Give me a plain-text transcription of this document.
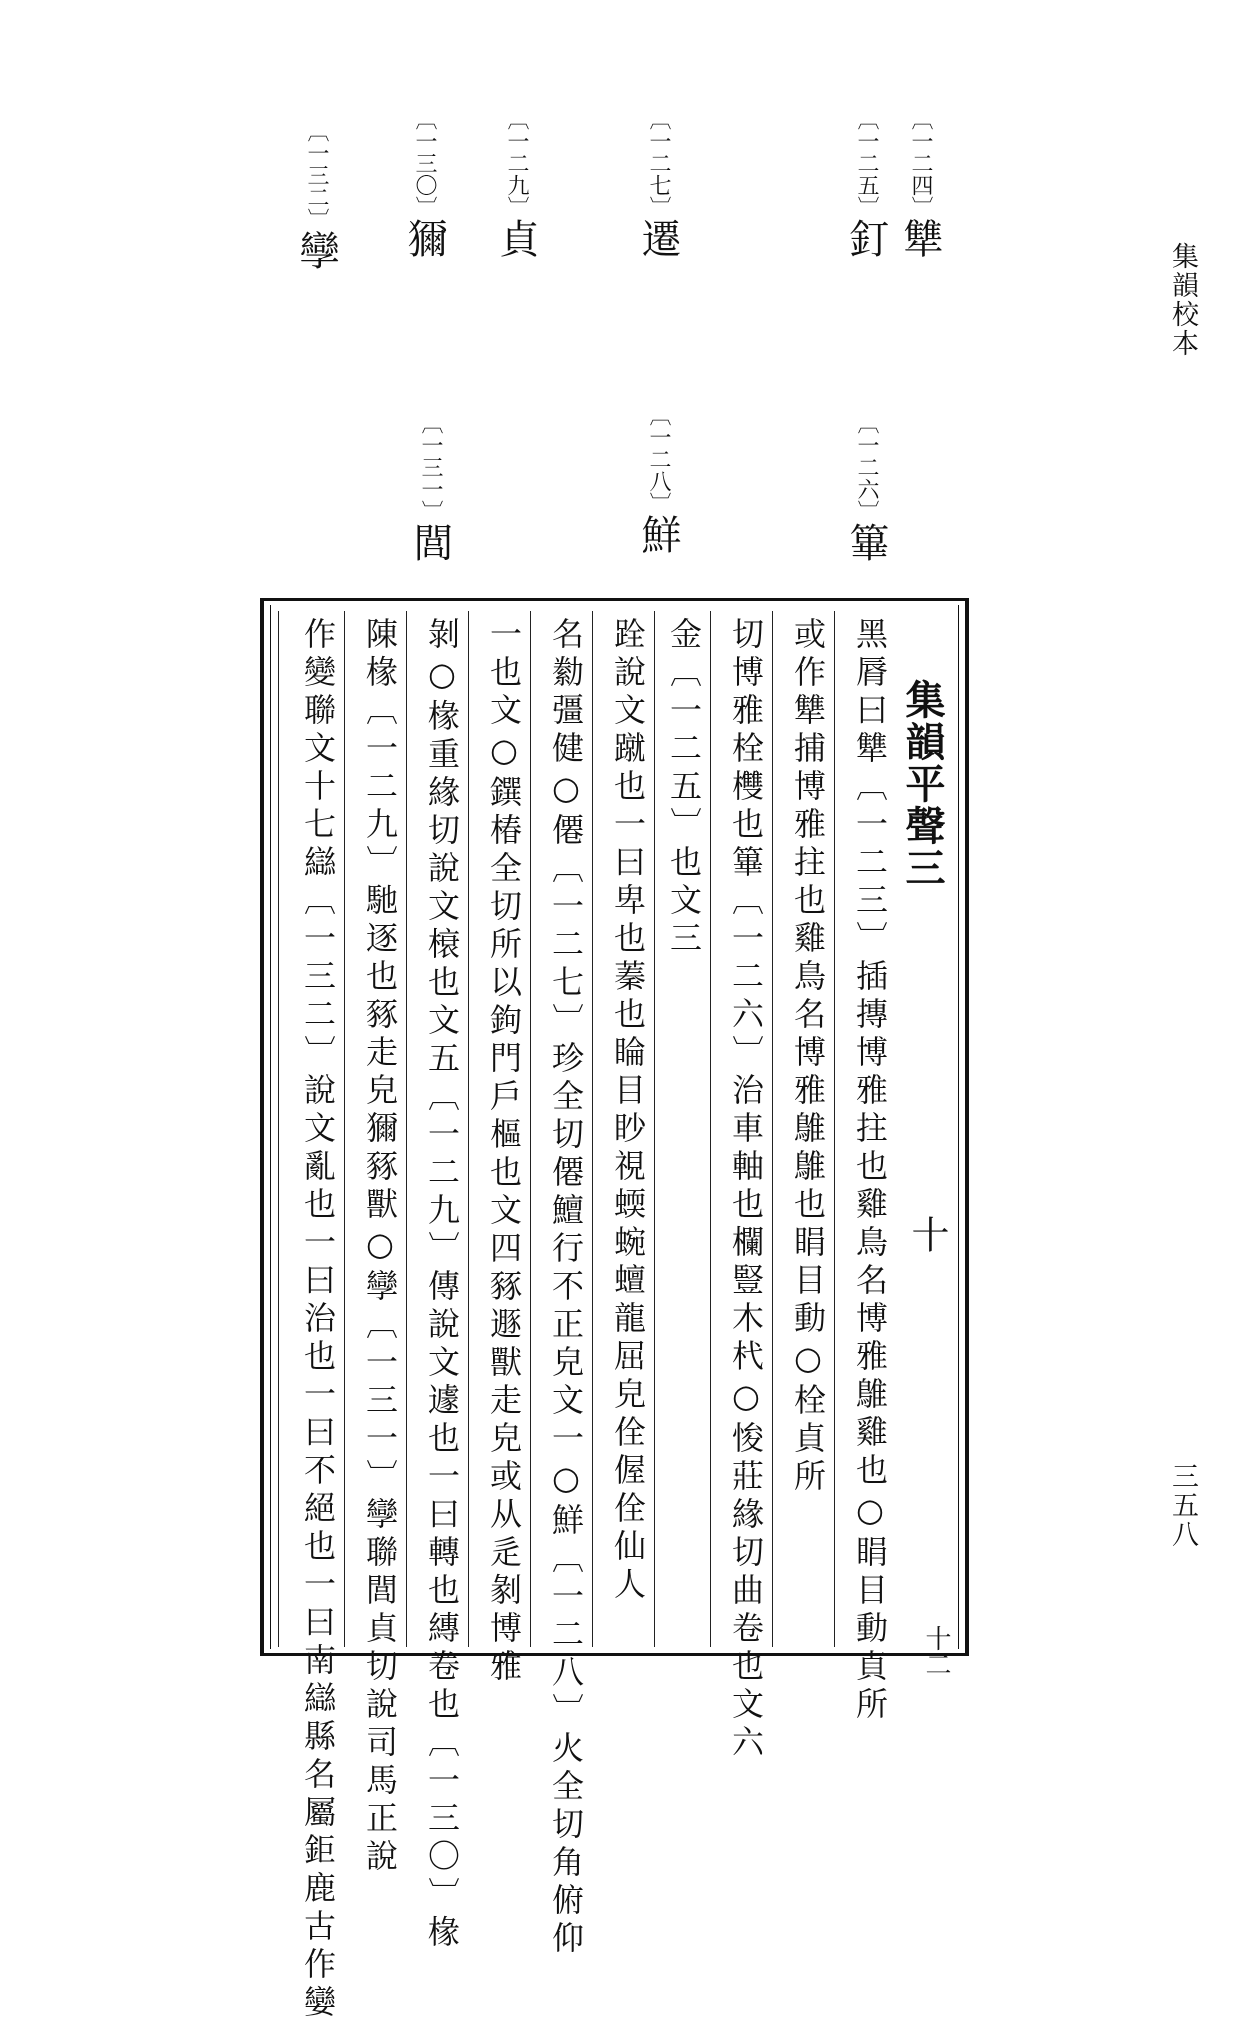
集韻校本
三五八
〔一二四〕犨
〔一二五〕釘
〔一二七〕遷
〔一二九〕貞
〔一三〇〕獮
〔一三二〕孿
〔一二六〕篳
〔一二八〕鮮
〔一三一〕閭
集韻平聲三
十
十二
黑脣曰犨〔一二三〕插摶博雅拄也雞鳥名博雅鵻雞也○睊目動貞所
或作犨捕博雅拄也雞鳥名博雅鵻鵻也睊目動○栓貞所
切博雅栓欆也篳〔一二六〕治車軸也欄豎木杙○悛莊緣切曲卷也文六
金〔一二五〕也文三
跧說文蹴也一曰卑也蓁也睔目眇視蝡蜿蟺龍屈皃佺偓佺仙人
名勬彊健○僊〔一二七〕珍全切僊鱣行不正皃文一○鮮〔一二八〕火全切角俯仰
一也文○鐉椿全切所以鉤門戶樞也文四豩遯獸走皃或从辵剶博雅
剝○椽重緣切說文榱也文五〔一二九〕傳說文遽也一曰轉也縳卷也〔一三〇〕椽
陳椽〔一二九〕馳逐也豩走皃獮豩獸○孿〔一三一〕孿聯閭貞切說司馬正說
作變聯文十七䜌〔一三二〕說文亂也一曰治也一曰不絕也一曰南䜌縣名屬鉅鹿古作孌
